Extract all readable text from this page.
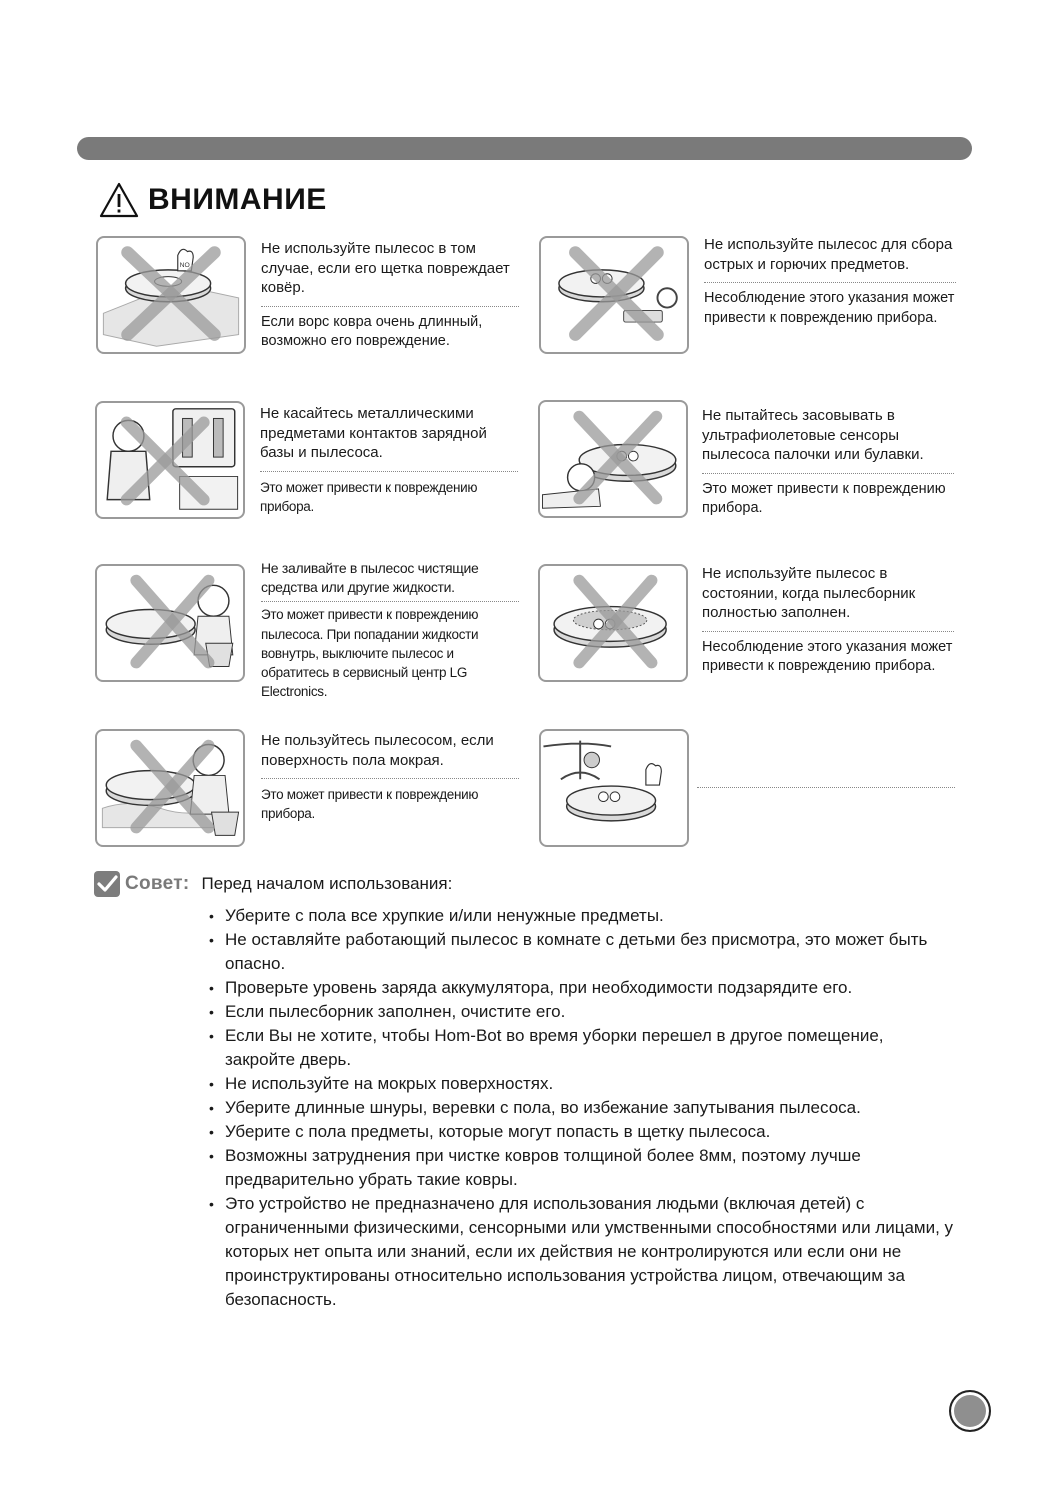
ВНИМАНИЕ
NO
Не используйте пылесос в том случае, если его щетка повреждает ковёр.
Если ворс ковра очень длинный, возможно его повреждение.
Не используйте пылесос для сбора острых и горючих предметов.
Несоблюдение этого указания может привести к повреждению прибора.
Не касайтесь металлическими предметами контактов зарядной базы и пылесоса.
Это может привести к повреждению прибора.
Не пытайтесь засовывать в ультрафиолетовые сенсоры пылесоса палочки или булавки.
Это может привести к повреждению прибора.
Не заливайте в пылесос чистящие средства или другие жидкости.
Это может привести к повреждению пылесоса. При попадании жидкости вовнутрь, выключите пылесос и обратитесь в сервисный центр LG Electronics.
Не используйте пылесос в состоянии, когда пылесборник полностью заполнен.
Несоблюдение этого указания может привести к повреждению прибора.
Не пользуйтесь пылесосом, если поверхность пола мокрая.
Это может привести к повреждению прибора.
Совет: Перед началом использования:
• Уберите с пола все хрупкие и/или ненужные предметы.
• Не оставляйте работающий пылесос в комнате с детьми без присмотра, это может быть опасно.
• Проверьте уровень заряда аккумулятора, при необходимости подзарядите его.
• Если пылесборник заполнен, очистите его.
• Если Вы не хотите, чтобы Hom-Bot во время уборки перешел в другое помещение, закройте дверь.
• Не используйте на мокрых поверхностях.
• Уберите длинные шнуры, веревки с пола, во избежание запутывания пылесоса.
• Уберите с пола предметы, которые могут попасть в щетку пылесоса.
• Возможны затруднения при чистке ковров толщиной более 8мм, поэтому лучше предварительно убрать такие ковры.
• Это устройство не предназначено для использования людьми (включая детей) с ограниченными физическими, сенсорными или умственными способностями или лицами, у которых нет опыта или знаний, если их действия не контролируются или если они не проинструктированы относительно использования устройства лицом, отвечающим за безопасность.
